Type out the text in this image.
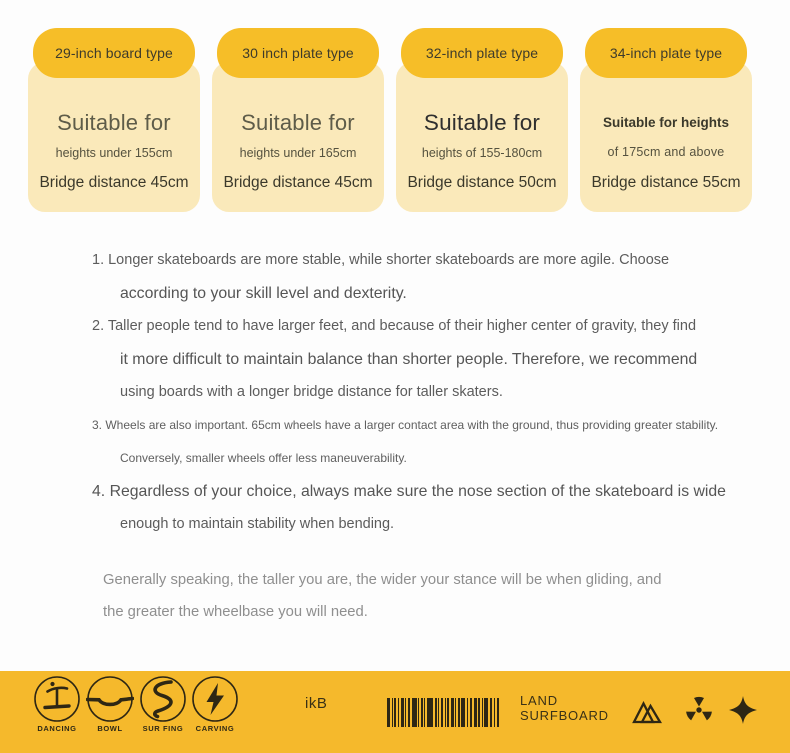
29-inch board type
Suitable for
heights under 155cm
Bridge distance 45cm
30 inch plate type
Suitable for
heights under 165cm
Bridge distance 45cm
32-inch plate type
Suitable for
heights of 155-180cm
Bridge distance 50cm
34-inch plate type
Suitable for heights
of 175cm and above
Bridge distance 55cm
1. Longer skateboards are more stable, while shorter skateboards are more agile. Choose
according to your skill level and dexterity.
2. Taller people tend to have larger feet, and because of their higher center of gravity, they find
it more difficult to maintain balance than shorter people. Therefore, we recommend
using boards with a longer bridge distance for taller skaters.
3. Wheels are also important. 65cm wheels have a larger contact area with the ground, thus providing greater stability.
Conversely, smaller wheels offer less maneuverability.
4. Regardless of your choice, always make sure the nose section of the skateboard is wide
enough to maintain stability when bending.
Generally speaking, the taller you are, the wider your stance will be when gliding, and
the greater the wheelbase you will need.
DANCING	BOWL	SUR FING	CARVING
ikB	LAND
SURFBOARD
